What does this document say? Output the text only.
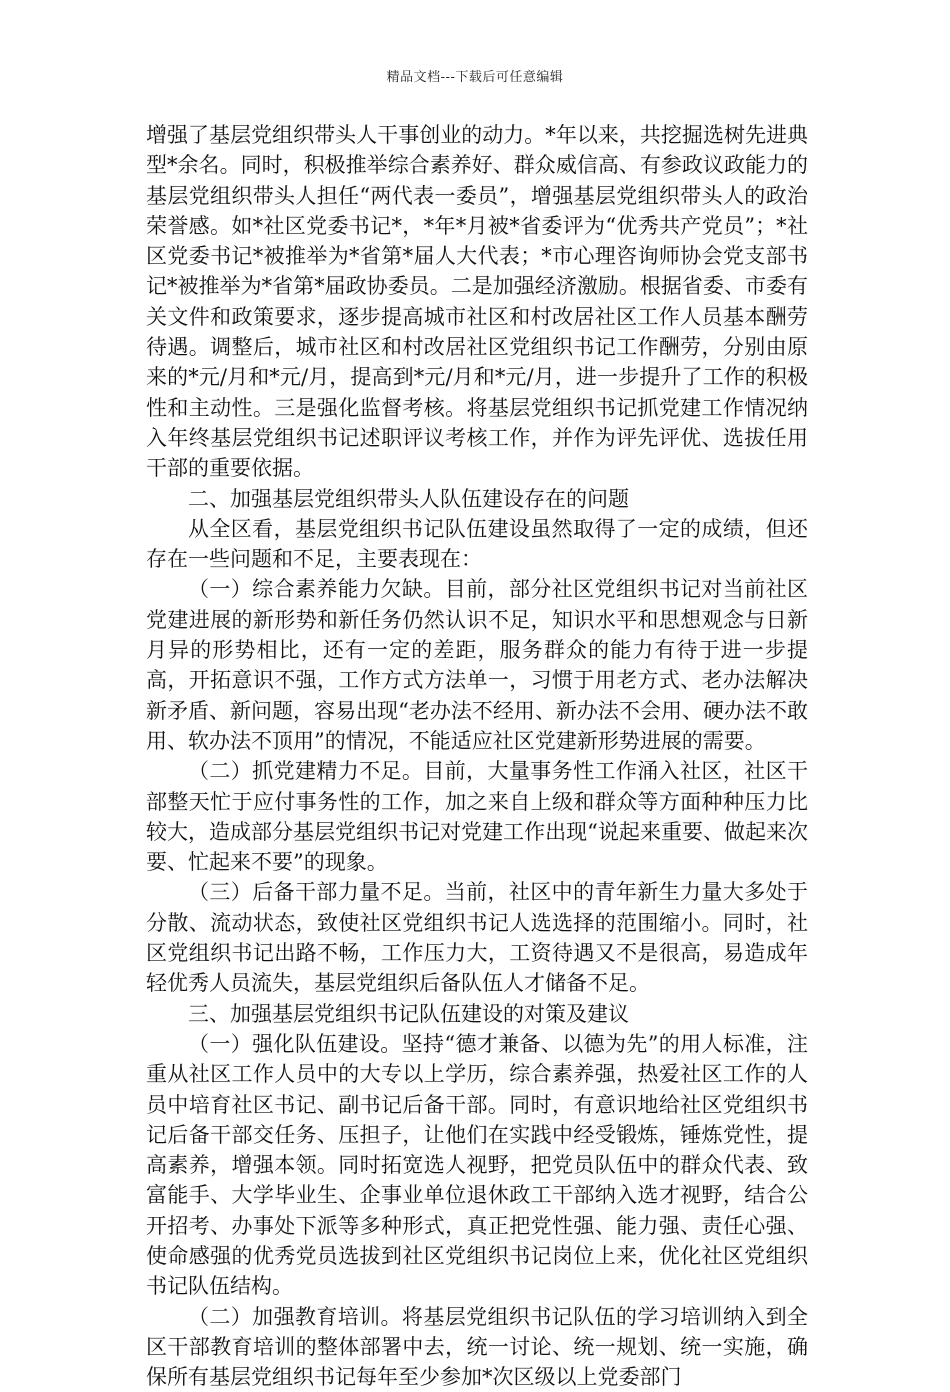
精品文档---下载后可任意编辑

增强了基层党组织带头人干事创业的动力。*年以来，共挖掘选树先进典型*余名。同时，积极推举综合素养好、群众威信高、有参政议政能力的基层党组织带头人担任“两代表一委员”，增强基层党组织带头人的政治荣誉感。如*社区党委书记*，*年*月被*省委评为“优秀共产党员”；*社区党委书记*被推举为*省第*届人大代表；*市心理咨询师协会党支部书记*被推举为*省第*届政协委员。二是加强经济激励。根据省委、市委有关文件和政策要求，逐步提高城市社区和村改居社区工作人员基本酬劳待遇。调整后，城市社区和村改居社区党组织书记工作酬劳，分别由原来的*元/月和*元/月，提高到*元/月和*元/月，进一步提升了工作的积极性和主动性。三是强化监督考核。将基层党组织书记抓党建工作情况纳入年终基层党组织书记述职评议考核工作，并作为评先评优、选拔任用干部的重要依据。

二、加强基层党组织带头人队伍建设存在的问题

从全区看，基层党组织书记队伍建设虽然取得了一定的成绩，但还存在一些问题和不足，主要表现在：

（一）综合素养能力欠缺。目前，部分社区党组织书记对当前社区党建进展的新形势和新任务仍然认识不足，知识水平和思想观念与日新月异的形势相比，还有一定的差距，服务群众的能力有待于进一步提高，开拓意识不强，工作方式方法单一，习惯于用老方式、老办法解决新矛盾、新问题，容易出现“老办法不经用、新办法不会用、硬办法不敢用、软办法不顶用”的情况，不能适应社区党建新形势进展的需要。

（二）抓党建精力不足。目前，大量事务性工作涌入社区，社区干部整天忙于应付事务性的工作，加之来自上级和群众等方面种种压力比较大，造成部分基层党组织书记对党建工作出现“说起来重要、做起来次要、忙起来不要”的现象。

（三）后备干部力量不足。当前，社区中的青年新生力量大多处于分散、流动状态，致使社区党组织书记人选选择的范围缩小。同时，社区党组织书记出路不畅，工作压力大，工资待遇又不是很高，易造成年轻优秀人员流失，基层党组织后备队伍人才储备不足。

三、加强基层党组织书记队伍建设的对策及建议

（一）强化队伍建设。坚持“德才兼备、以德为先”的用人标准，注重从社区工作人员中的大专以上学历，综合素养强，热爱社区工作的人员中培育社区书记、副书记后备干部。同时，有意识地给社区党组织书记后备干部交任务、压担子，让他们在实践中经受锻炼，锤炼党性，提高素养，增强本领。同时拓宽选人视野，把党员队伍中的群众代表、致富能手、大学毕业生、企事业单位退休政工干部纳入选才视野，结合公开招考、办事处下派等多种形式，真正把党性强、能力强、责任心强、使命感强的优秀党员选拔到社区党组织书记岗位上来，优化社区党组织书记队伍结构。

（二）加强教育培训。将基层党组织书记队伍的学习培训纳入到全区干部教育培训的整体部署中去，统一讨论、统一规划、统一实施，确保所有基层党组织书记每年至少参加*次区级以上党委部门
